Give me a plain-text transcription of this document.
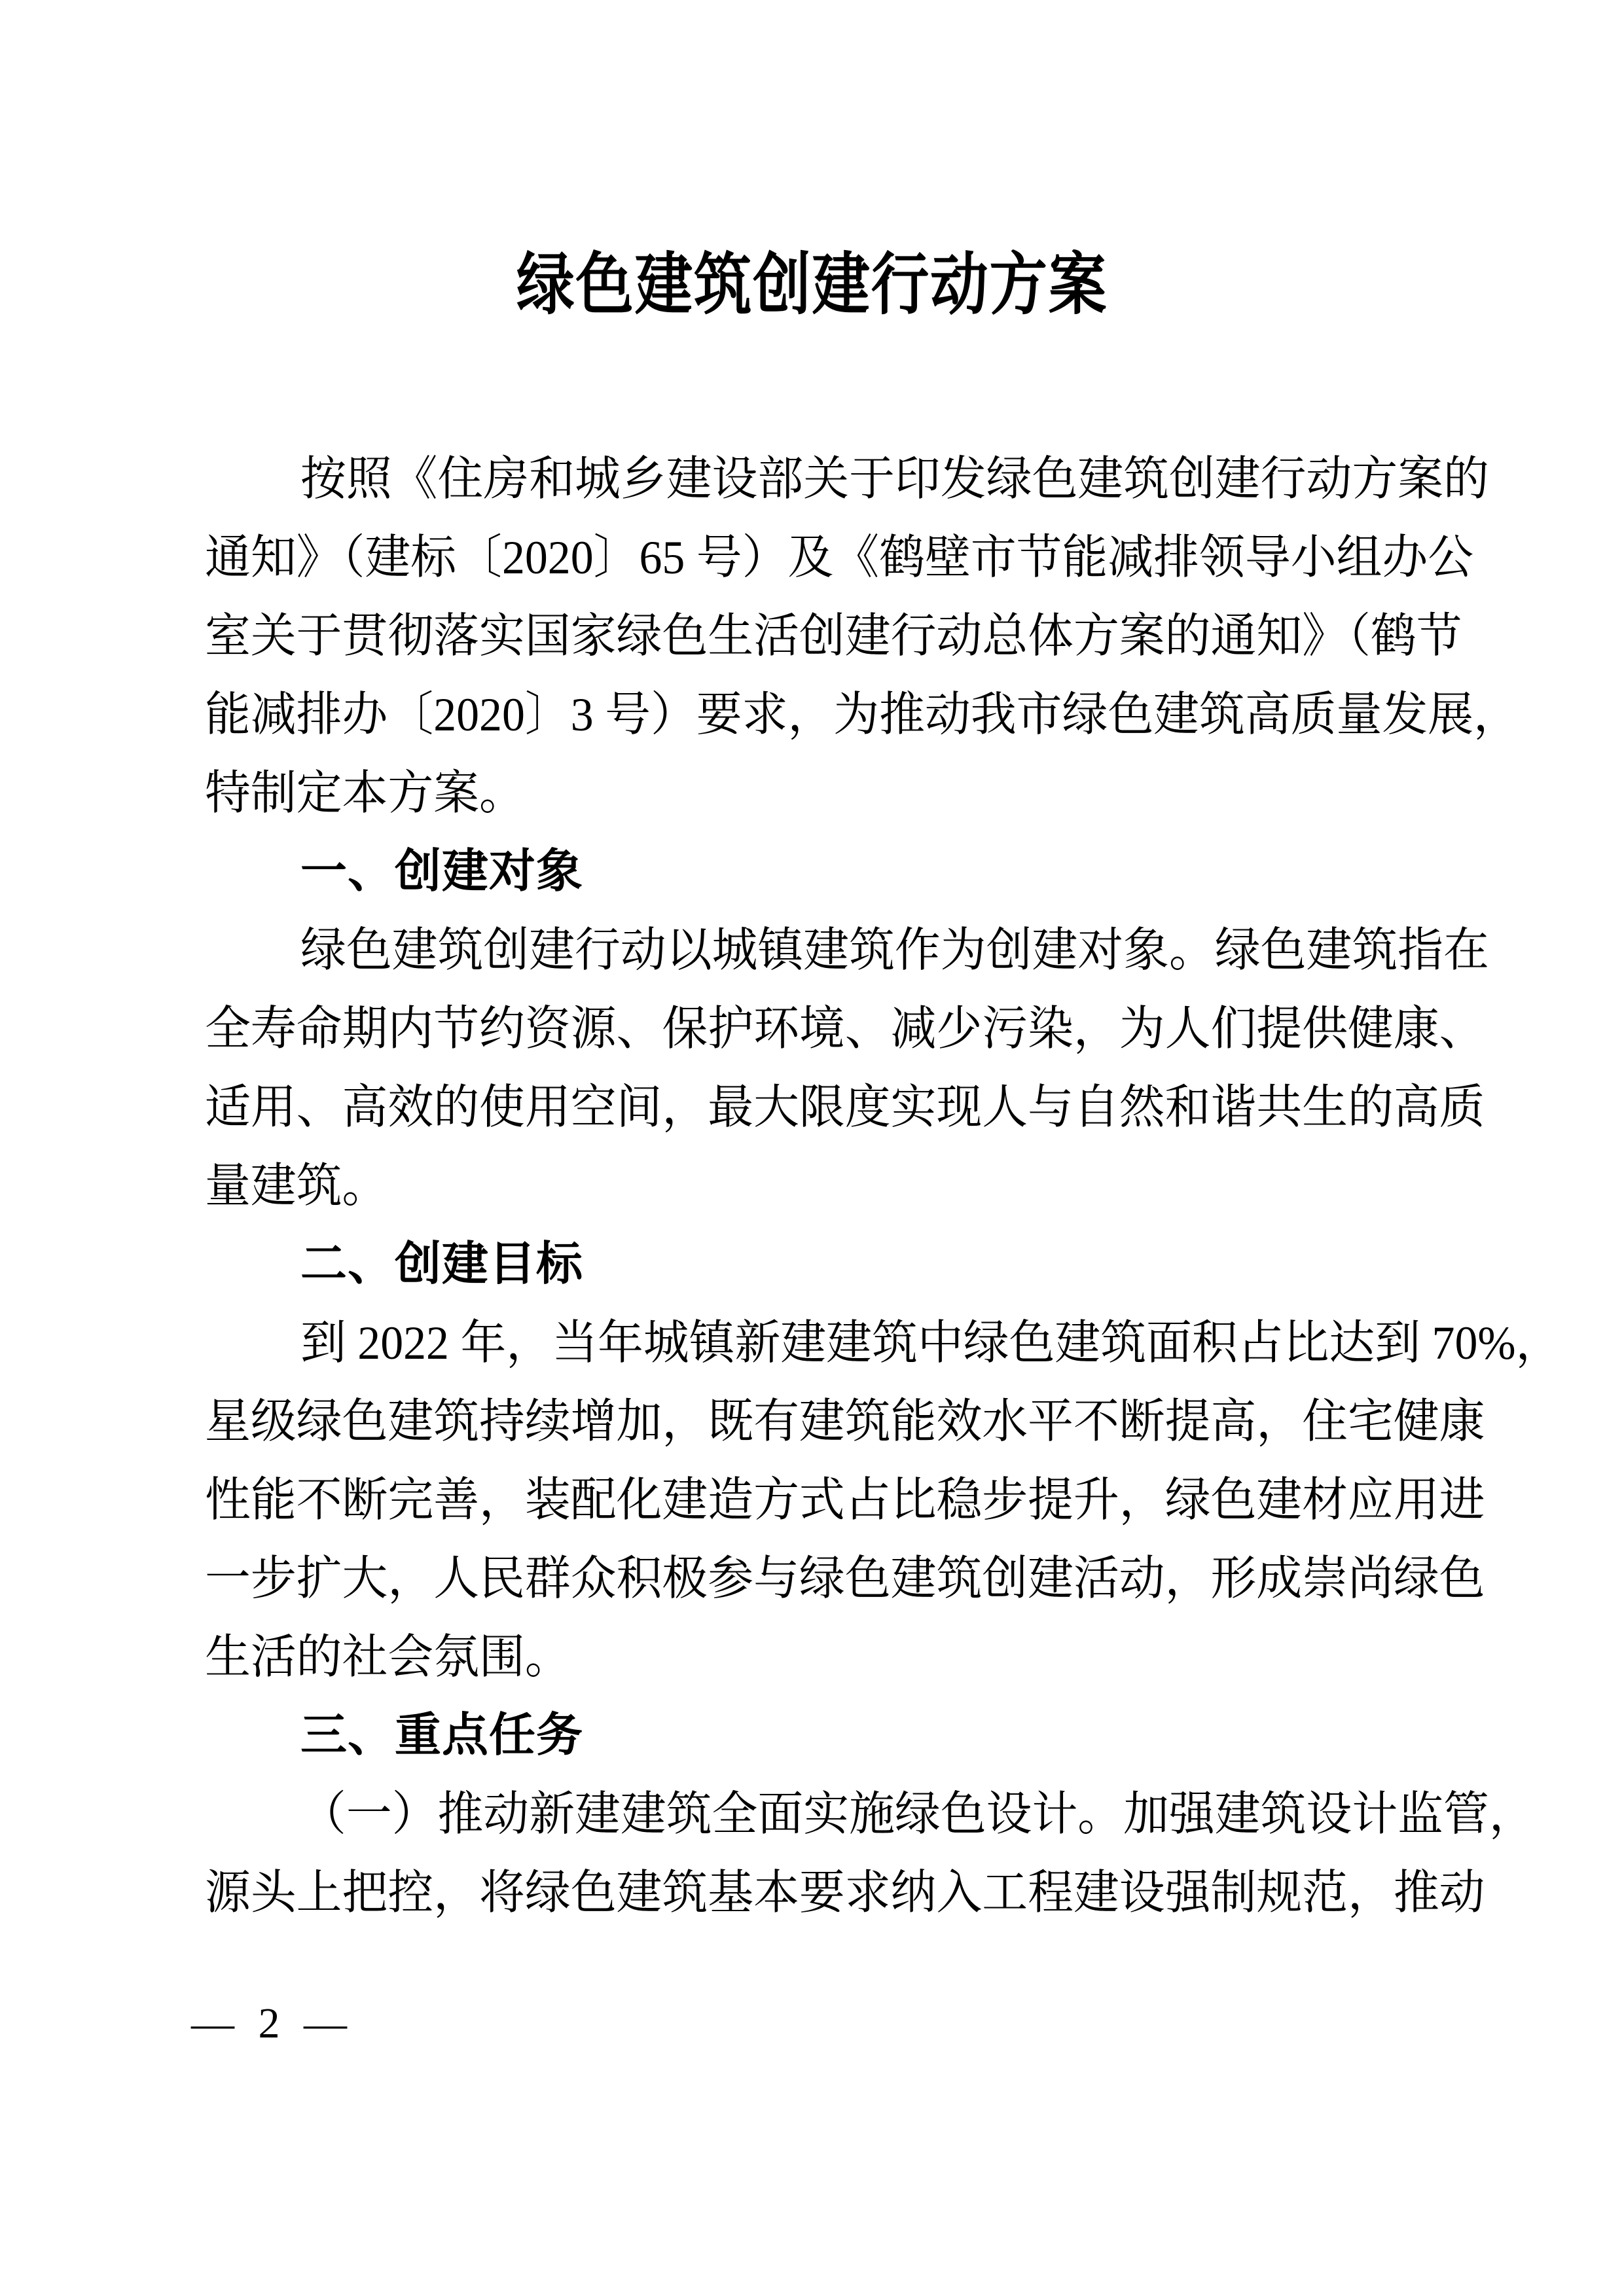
绿色建筑创建行动方案
按照《住房和城乡建设部关于印发绿色建筑创建行动方案的
通知》（建标〔2020〕65 号）及《鹤壁市节能减排领导小组办公
室关于贯彻落实国家绿色生活创建行动总体方案的通知》（鹤节
能减排办〔2020〕3 号）要求，为推动我市绿色建筑高质量发展，
特制定本方案。
一、创建对象
绿色建筑创建行动以城镇建筑作为创建对象。绿色建筑指在
全寿命期内节约资源、保护环境、减少污染，为人们提供健康、
适用、高效的使用空间，最大限度实现人与自然和谐共生的高质
量建筑。
二、创建目标
到 2022 年，当年城镇新建建筑中绿色建筑面积占比达到 70%，
星级绿色建筑持续增加，既有建筑能效水平不断提高，住宅健康
性能不断完善，装配化建造方式占比稳步提升，绿色建材应用进
一步扩大，人民群众积极参与绿色建筑创建活动，形成崇尚绿色
生活的社会氛围。
三、重点任务
（一）推动新建建筑全面实施绿色设计。加强建筑设计监管，
源头上把控，将绿色建筑基本要求纳入工程建设强制规范，推动
— 2 —
